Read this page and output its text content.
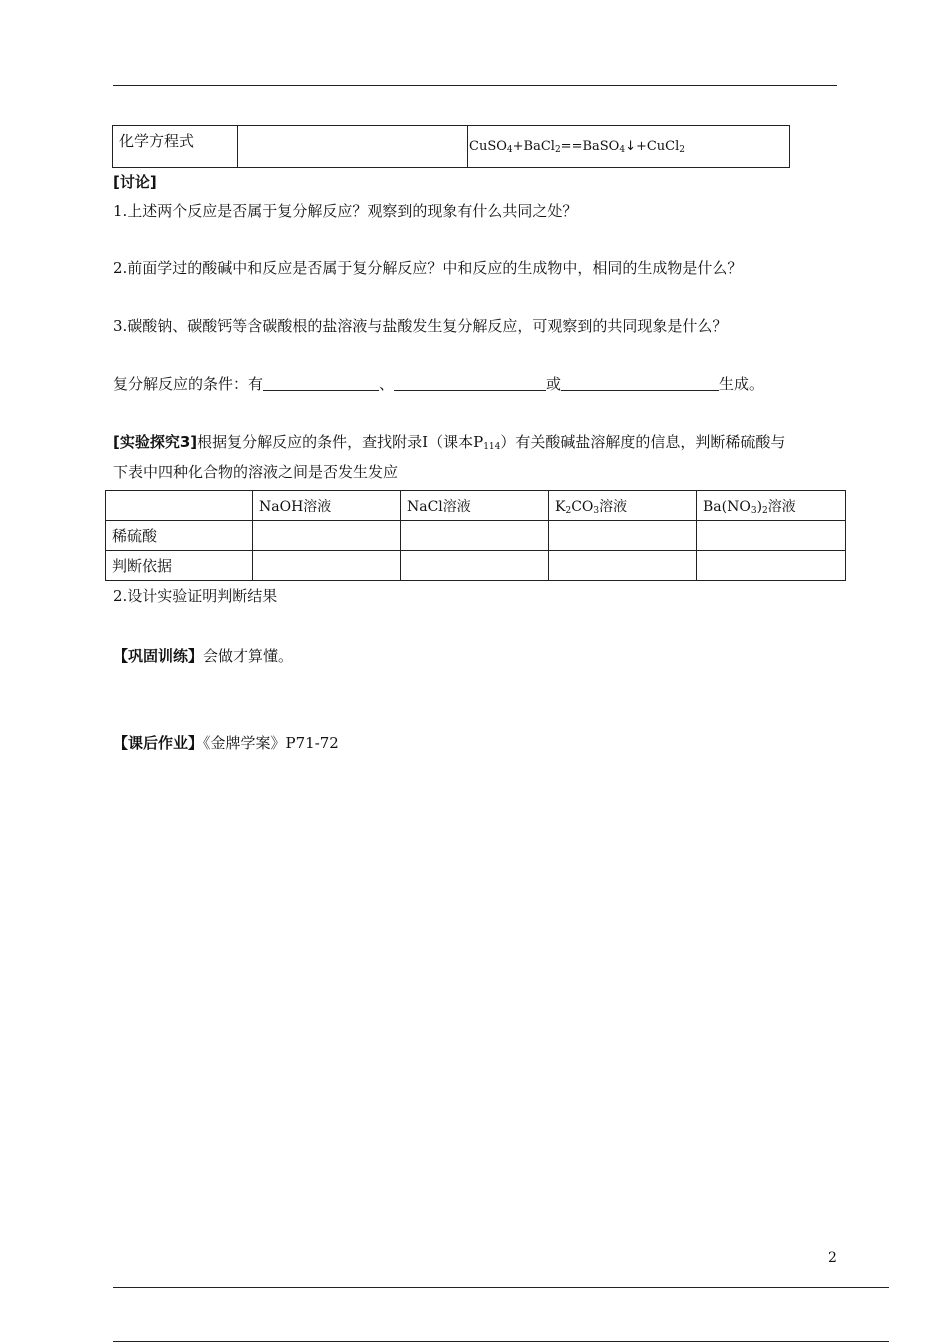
化学方程式		CuSO$_4$+BaCl$_2$==BaSO$_4$↓+CuCl$_2$
[讨论]
1.上述两个反应是否属于复分解反应？观察到的现象有什么共同之处？
2.前面学过的酸碱中和反应是否属于复分解反应？中和反应的生成物中，相同的生成物是什么？
3.碳酸钠、碳酸钙等含碳酸根的盐溶液与盐酸发生复分解反应，可观察到的共同现象是什么？
复分解反应的条件：有	、	或	生成。
[实验探究3]根据复分解反应的条件，查找附录Ⅰ（课本$P_{114}$）有关酸碱盐溶解度的信息，判断稀硫酸与
下表中四种化合物的溶液之间是否发生发应
	NaOH溶液	NaCl溶液	$K_2CO_3$溶液	$Ba(NO_3)_2$溶液
稀硫酸				
判断依据				
2.设计实验证明判断结果
【巩固训练】会做才算懂。
【课后作业】《金牌学案》P71-72
2
